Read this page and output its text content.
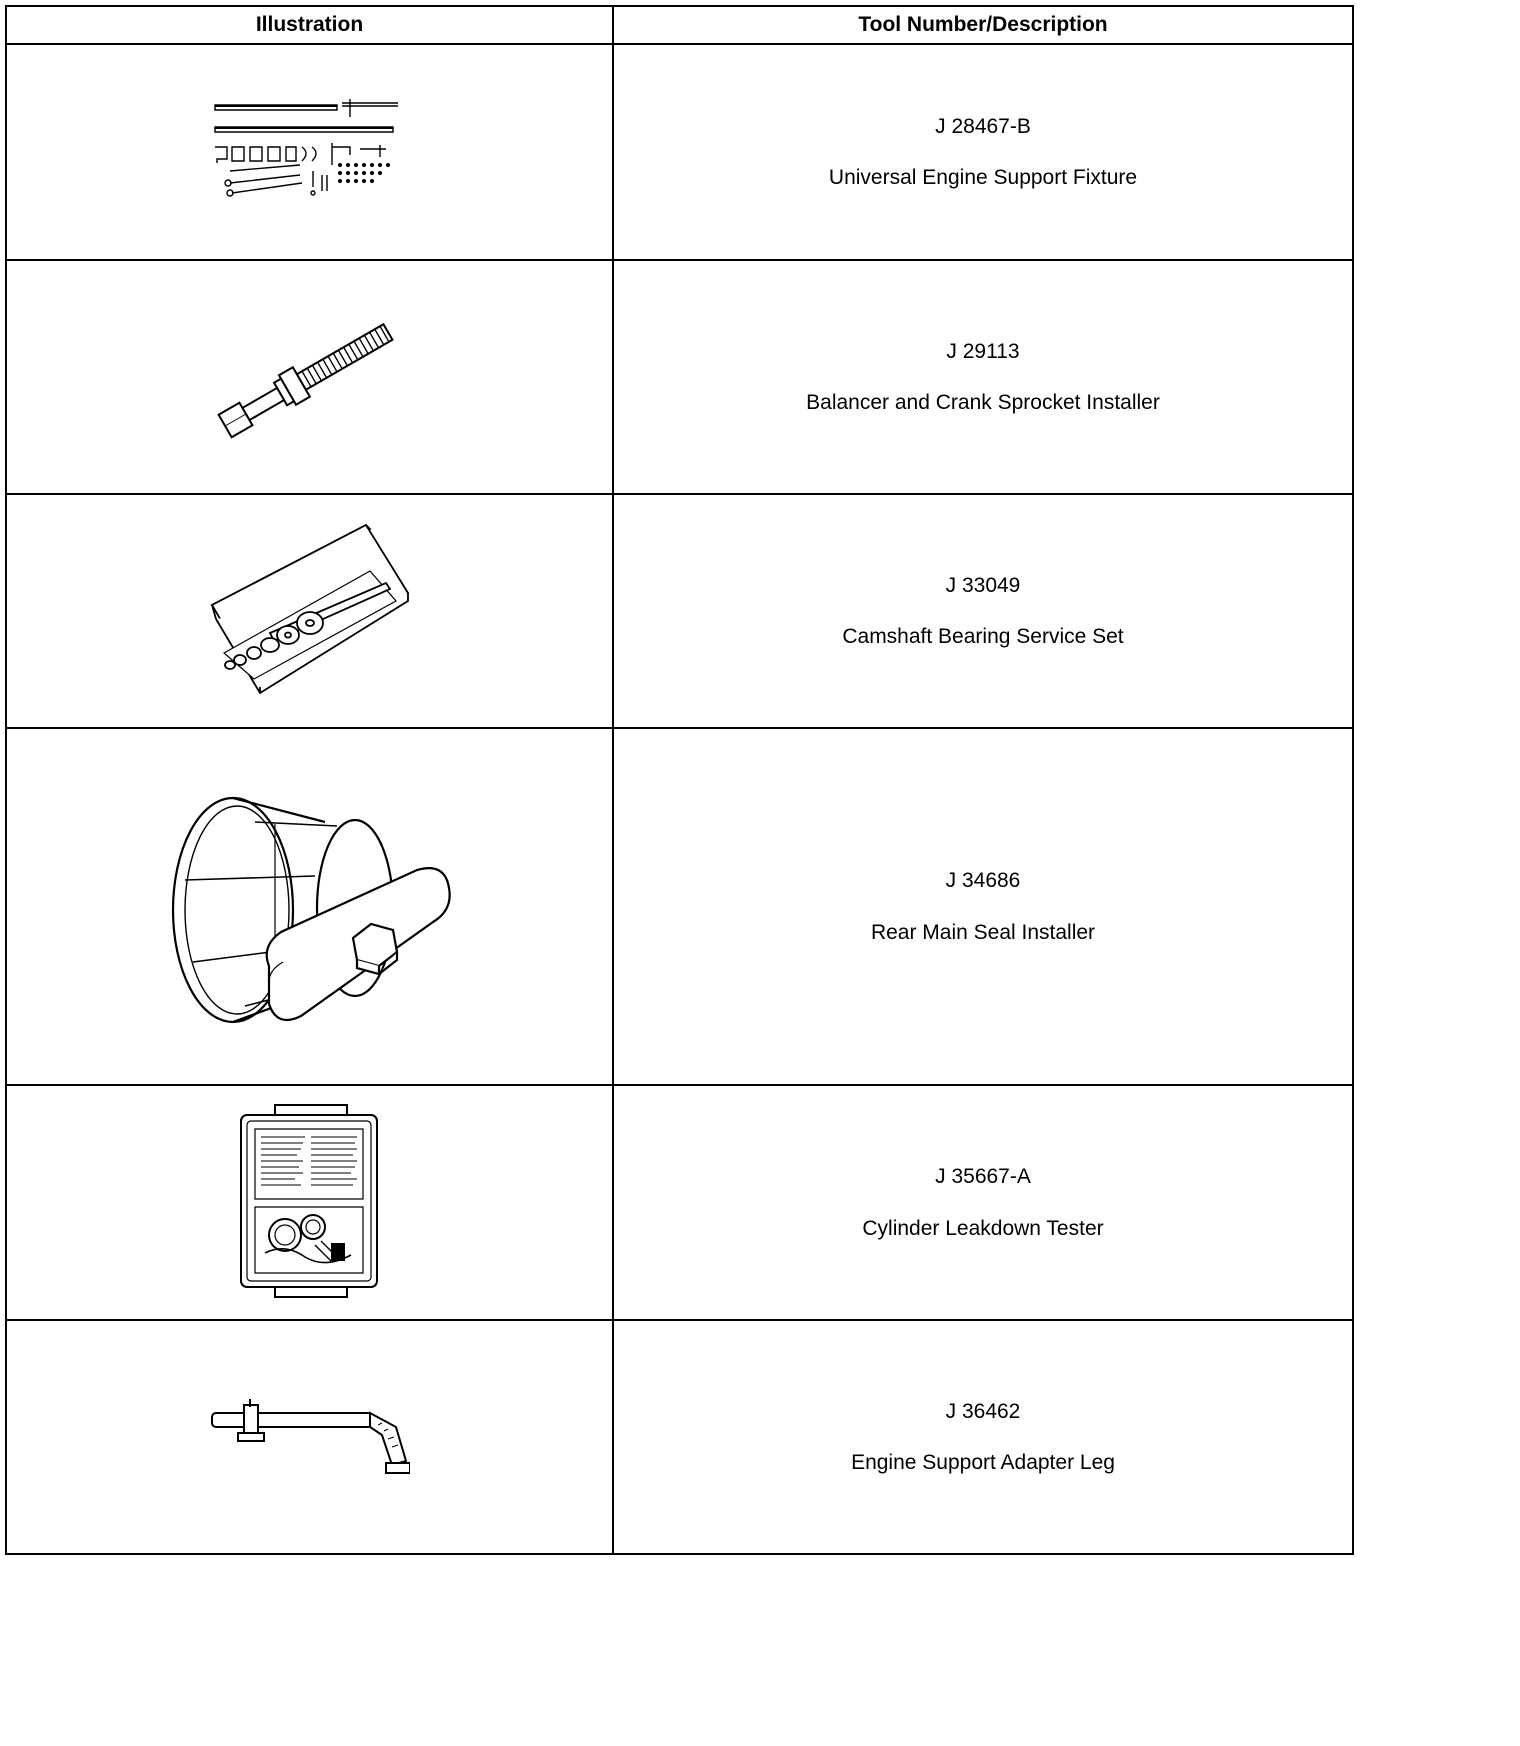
Illustration	Tool Number/Description

J 28467-B
Universal Engine Support Fixture

J 29113
Balancer and Crank Sprocket Installer

J 33049
Camshaft Bearing Service Set

J 34686
Rear Main Seal Installer

J 35667-A
Cylinder Leakdown Tester

J 36462
Engine Support Adapter Leg
